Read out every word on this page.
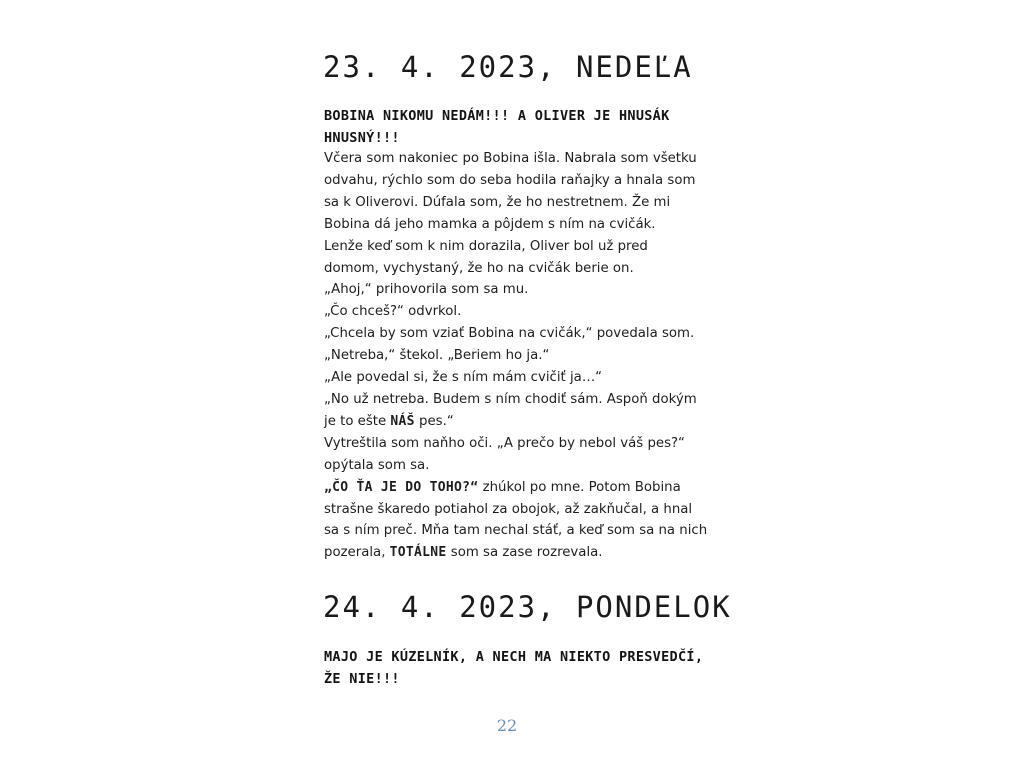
23. 4. 2023, NEDEĽA

BOBINA NIKOMU NEDÁM!!! A OLIVER JE HNUSÁK HNUSNÝ!!!

Včera som nakoniec po Bobina išla. Nabrala som všetku
odvahu, rýchlo som do seba hodila raňajky a hnala som
sa k Oliverovi. Dúfala som, že ho nestretnem. Že mi
Bobina dá jeho mamka a pôjdem s ním na cvičák.
Lenže keď som k nim dorazila, Oliver bol už pred
domom, vychystaný, že ho na cvičák berie on.
„Ahoj,“ prihovorila som sa mu.
„Čo chceš?“ odvrkol.
„Chcela by som vziať Bobina na cvičák,“ povedala som.
„Netreba,“ štekol. „Beriem ho ja.“
„Ale povedal si, že s ním mám cvičiť ja…“
„No už netreba. Budem s ním chodiť sám. Aspoň dokým
je to ešte NÁŠ pes.“
Vytreštila som naňho oči. „A prečo by nebol váš pes?“
opýtala som sa.
„ČO ŤA JE DO TOHO?“ zhúkol po mne. Potom Bobina
strašne škaredo potiahol za obojok, až zakňučal, a hnal
sa s ním preč. Mňa tam nechal stáť, a keď som sa na nich
pozerala, TOTÁLNE som sa zase rozrevala.
24. 4. 2023, PONDELOK

MAJO JE KÚZELNÍK, A NECH MA NIEKTO PRESVEDČÍ, ŽE NIE!!!

22
